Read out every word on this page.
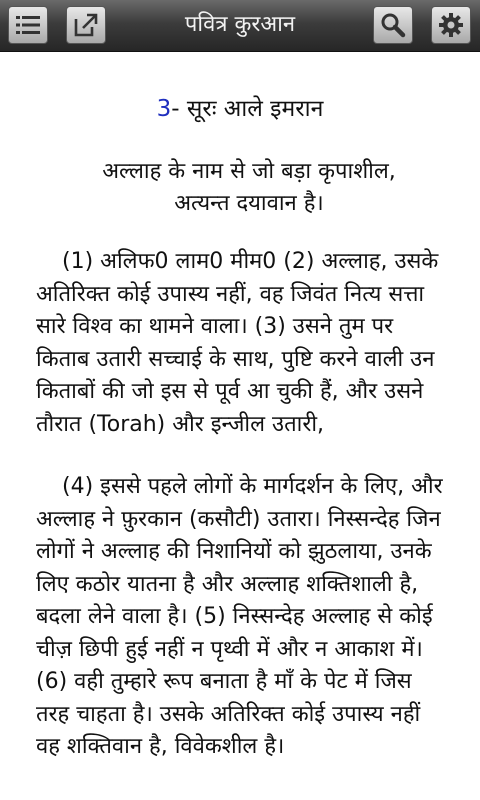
पवित्र कुरआन
3- सूरः आले इमरान
अल्लाह के नाम से जो बड़ा कृपाशील,
अत्यन्त दयावान है।

(1) अलिफ0 लाम0 मीम0 (2) अल्लाह, उसके अतिरिक्त कोई उपास्य नहीं, वह जिवंत नित्य सत्ता सारे विश्व का थामने वाला। (3) उसने तुम पर किताब उतारी सच्चाई के साथ, पुष्टि करने वाली उन किताबों की जो इस से पूर्व आ चुकी हैं, और उसने तौरात (Torah) और इन्जील उतारी,

(4) इससे पहले लोगों के मार्गदर्शन के लिए, और अल्लाह ने फ़ुरकान (कसौटी) उतारा। निस्सन्देह जिन लोगों ने अल्लाह की निशानियों को झुठलाया, उनके लिए कठोर यातना है और अल्लाह शक्तिशाली है, बदला लेने वाला है। (5) निस्सन्देह अल्लाह से कोई चीज़ छिपी हुई नहीं न पृथ्वी में और न आकाश में। (6) वही तुम्हारे रूप बनाता है माँ के पेट में जिस तरह चाहता है। उसके अतिरिक्त कोई उपास्य नहीं वह शक्तिवान है, विवेकशील है।
